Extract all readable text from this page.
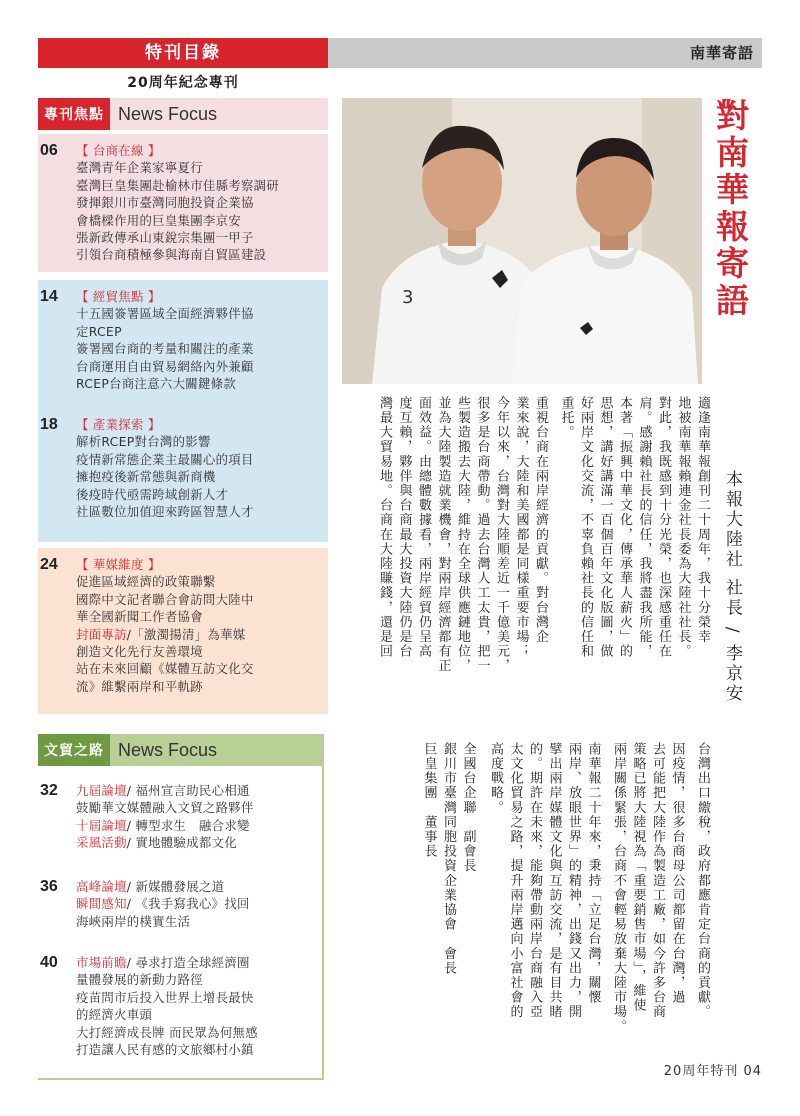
特刊目錄	南華寄語
20周年紀念專刊
專刊焦點 News Focus
06	【 台商在線 】
臺灣青年企業家寧夏行
臺灣巨皇集團赴榆林市佳縣考察調研
發揮銀川市臺灣同胞投資企業協
會橋樑作用的巨皇集團李京安
張新政傳承山東銳宗集團一甲子
引領台商積極參與海南自貿區建設
14	【 經貿焦點 】
十五國簽署區域全面經濟夥伴協
定RCEP
簽署國台商的考量和關注的產業
台商運用自由貿易網絡內外兼顧
RCEP台商注意六大關鍵條款
18	【 產業探索 】
解析RCEP對台灣的影響
疫情新常態企業主最關心的項目
擁抱疫後新常態與新商機
後疫時代亟需跨域創新人才
社區數位加值迎來跨區智慧人才
24	【 華媒維度 】
促進區域經濟的政策聯繫
國際中文記者聯合會訪問大陸中
華全國新聞工作者協會
封面專訪/「激濁揚清」為華媒
創造文化先行友善環境
站在未來回顧《媒體互訪文化交
流》維繫兩岸和平軌跡
文貿之路 News Focus
32	九屆論壇/ 福州宣言助民心相通
鼓勵華文媒體融入文貿之路夥伴
十屆論壇/ 轉型求生　融合求變
采風活動/ 實地體驗成都文化
36	高峰論壇/ 新媒體發展之道
瞬間感知/ 《我手寫我心》找回
海峽兩岸的樸實生活
40	市場前瞻/ 尋求打造全球經濟圈
量體發展的新動力路徑
疫苗問市后投入世界上增長最快
的經濟火車頭
大打經濟成長牌 而民眾為何無感
打造讓人民有感的文旅鄉村小鎮
3	對南華報寄語
本報大陸社 社長 / 李京安
適逢南華報創刊二十周年，我十分榮幸
地被南華報賴連金社長委為大陸社社長。
對此，我既感到十分光榮，也深感重任在
肩。感謝賴社長的信任，我將盡我所能，
本著「振興中華文化，傳承華人薪火」的
思想，講好講滿一百個百年文化版圖，做
好兩岸文化交流，不辜負賴社長的信任和
重托。
重視台商在兩岸經濟的貢獻。對台灣企
業來說，大陸和美國都是同樣重要市場；
今年以來，台灣對大陸順差近一千億美元，
很多是台商帶動。過去台灣人工太貴，把一
些製造搬去大陸，維持在全球供應鏈地位，
並為大陸製造就業機會，對兩岸經濟都有正
面效益。由總體數據看，兩岸經貿仍呈高
度互賴，夥伴與台商最大投資大陸仍是台
灣最大貿易地。台商在大陸賺錢，還是回
台灣出口繳稅，政府都應肯定台商的貢獻。
因疫情，很多台商母公司都留在台灣，過
去可能把大陸作為製造工廠，如今許多台商
策略已將大陸視為「重要銷售市場」，維使
兩岸關係緊張，台商不會輕易放棄大陸市場。
南華報二十年來，秉持「立足台灣，關懷
兩岸、放眼世界」的精神，出錢又出力，開
擘出兩岸媒體文化與互訪交流，是有目共睹
的。期許在未來，能夠帶動兩岸台商融入亞
太文化貿易之路，提升兩岸邁向小富社會的
高度戰略。
全國台企聯　副會長
銀川市臺灣同胞投資企業協會　會長
巨皇集團　董事長
20周年特刊 04
